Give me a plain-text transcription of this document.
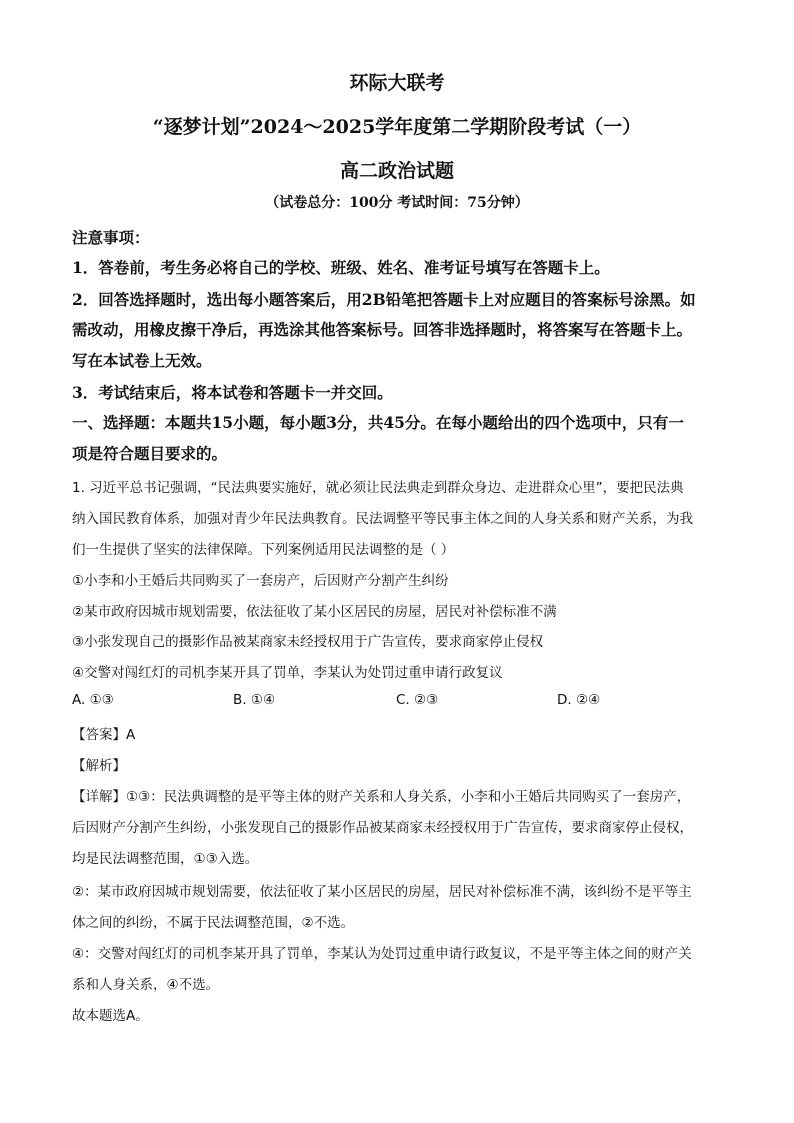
环际大联考
“逐梦计划”2024～2025学年度第二学期阶段考试（一）
高二政治试题
（试卷总分：100分 考试时间：75分钟）
注意事项：
1．答卷前，考生务必将自己的学校、班级、姓名、准考证号填写在答题卡上。
2．回答选择题时，选出每小题答案后，用2B铅笔把答题卡上对应题目的答案标号涂黑。如
需改动，用橡皮擦干净后，再选涂其他答案标号。回答非选择题时，将答案写在答题卡上。
写在本试卷上无效。
3．考试结束后，将本试卷和答题卡一并交回。
一、选择题：本题共15小题，每小题3分，共45分。在每小题给出的四个选项中，只有一
项是符合题目要求的。
1. 习近平总书记强调，“民法典要实施好，就必须让民法典走到群众身边、走进群众心里”，要把民法典
纳入国民教育体系，加强对青少年民法典教育。民法调整平等民事主体之间的人身关系和财产关系，为我
们一生提供了坚实的法律保障。下列案例适用民法调整的是（ ）
①小李和小王婚后共同购买了一套房产，后因财产分割产生纠纷
②某市政府因城市规划需要，依法征收了某小区居民的房屋，居民对补偿标准不满
③小张发现自己的摄影作品被某商家未经授权用于广告宣传，要求商家停止侵权
④交警对闯红灯的司机李某开具了罚单，李某认为处罚过重申请行政复议
A. ①③	B. ①④	C. ②③	D. ②④
【答案】A
【解析】
【详解】①③：民法典调整的是平等主体的财产关系和人身关系，小李和小王婚后共同购买了一套房产，
后因财产分割产生纠纷，小张发现自己的摄影作品被某商家未经授权用于广告宣传，要求商家停止侵权，
均是民法调整范围，①③入选。
②：某市政府因城市规划需要，依法征收了某小区居民的房屋，居民对补偿标准不满，该纠纷不是平等主
体之间的纠纷，不属于民法调整范围，②不选。
④：交警对闯红灯的司机李某开具了罚单，李某认为处罚过重申请行政复议，不是平等主体之间的财产关
系和人身关系，④不选。
故本题选A。
